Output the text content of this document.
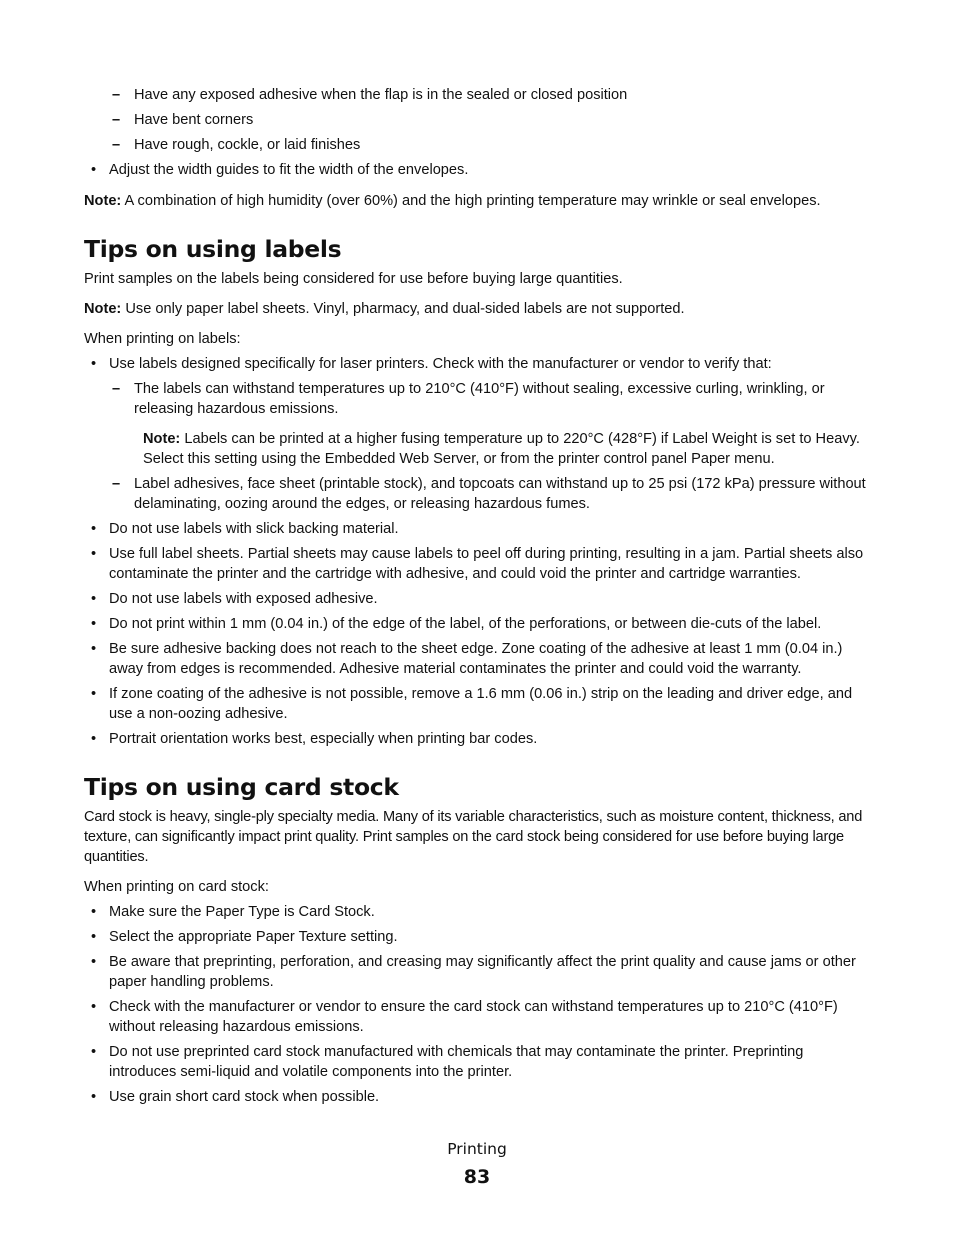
– Have any exposed adhesive when the flap is in the sealed or closed position
– Have bent corners
– Have rough, cockle, or laid finishes
• Adjust the width guides to fit the width of the envelopes.

Note: A combination of high humidity (over 60%) and the high printing temperature may wrinkle or seal envelopes.

Tips on using labels

Print samples on the labels being considered for use before buying large quantities.

Note: Use only paper label sheets. Vinyl, pharmacy, and dual-sided labels are not supported.

When printing on labels:

• Use labels designed specifically for laser printers. Check with the manufacturer or vendor to verify that:
– The labels can withstand temperatures up to 210°C (410°F) without sealing, excessive curling, wrinkling, or releasing hazardous emissions.

Note: Labels can be printed at a higher fusing temperature up to 220°C (428°F) if Label Weight is set to Heavy. Select this setting using the Embedded Web Server, or from the printer control panel Paper menu.

– Label adhesives, face sheet (printable stock), and topcoats can withstand up to 25 psi (172 kPa) pressure without delaminating, oozing around the edges, or releasing hazardous fumes.
• Do not use labels with slick backing material.
• Use full label sheets. Partial sheets may cause labels to peel off during printing, resulting in a jam. Partial sheets also contaminate the printer and the cartridge with adhesive, and could void the printer and cartridge warranties.
• Do not use labels with exposed adhesive.
• Do not print within 1 mm (0.04 in.) of the edge of the label, of the perforations, or between die-cuts of the label.
• Be sure adhesive backing does not reach to the sheet edge. Zone coating of the adhesive at least 1 mm (0.04 in.) away from edges is recommended. Adhesive material contaminates the printer and could void the warranty.
• If zone coating of the adhesive is not possible, remove a 1.6 mm (0.06 in.) strip on the leading and driver edge, and use a non-oozing adhesive.
• Portrait orientation works best, especially when printing bar codes.
Tips on using card stock

Card stock is heavy, single-ply specialty media. Many of its variable characteristics, such as moisture content, thickness, and texture, can significantly impact print quality. Print samples on the card stock being considered for use before buying large quantities.

When printing on card stock:

• Make sure the Paper Type is Card Stock.
• Select the appropriate Paper Texture setting.
• Be aware that preprinting, perforation, and creasing may significantly affect the print quality and cause jams or other paper handling problems.
• Check with the manufacturer or vendor to ensure the card stock can withstand temperatures up to 210°C (410°F) without releasing hazardous emissions.
• Do not use preprinted card stock manufactured with chemicals that may contaminate the printer. Preprinting introduces semi-liquid and volatile components into the printer.
• Use grain short card stock when possible.
Printing
83
